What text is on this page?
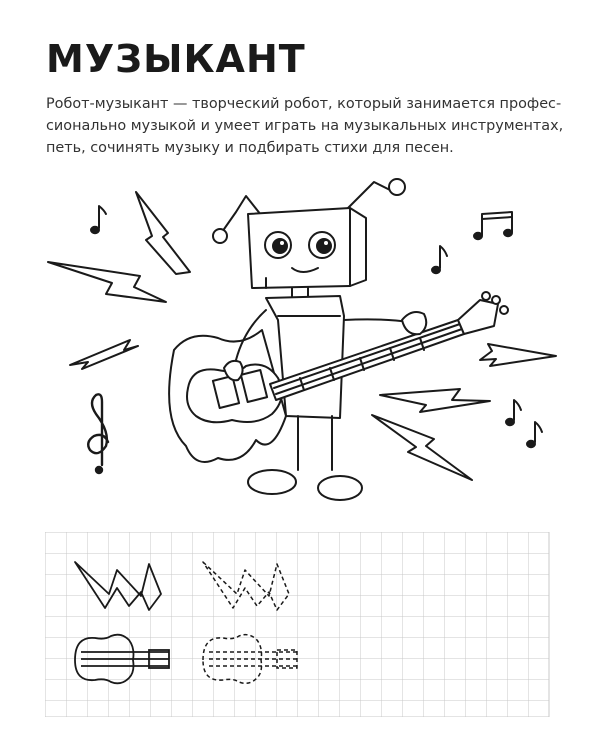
МУЗЫКАНТ

Робот-музыкант — творческий робот, который занимается профес- сионально музыкой и умеет играть на музыкальных инструментах, петь, сочинять музыку и подбирать стихи для песен.
